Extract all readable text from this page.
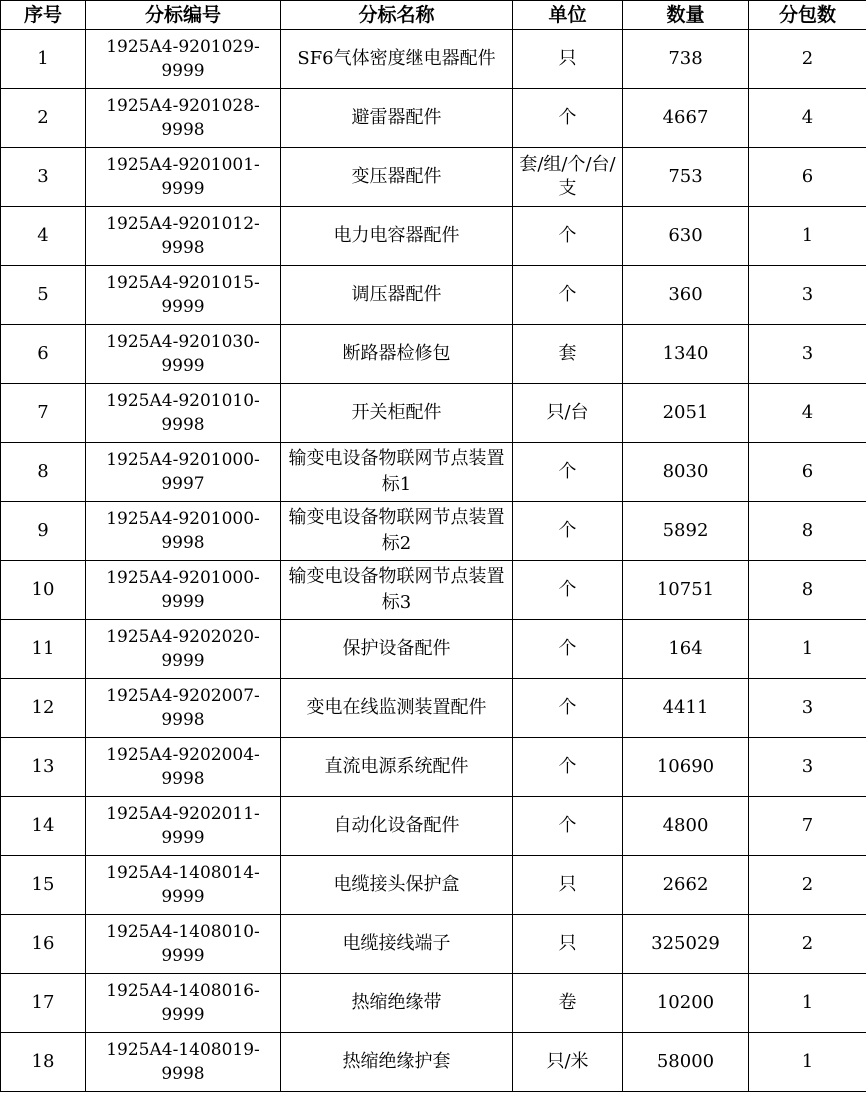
序号	分标编号	分标名称	单位	数量	分包数
1	1925A4-9201029-9999	SF6气体密度继电器配件	只	738	2
2	1925A4-9201028-9998	避雷器配件	个	4667	4
3	1925A4-9201001-9999	变压器配件	套/组/个/台/支	753	6
4	1925A4-9201012-9998	电力电容器配件	个	630	1
5	1925A4-9201015-9999	调压器配件	个	360	3
6	1925A4-9201030-9999	断路器检修包	套	1340	3
7	1925A4-9201010-9998	开关柜配件	只/台	2051	4
8	1925A4-9201000-9997	输变电设备物联网节点装置标1	个	8030	6
9	1925A4-9201000-9998	输变电设备物联网节点装置标2	个	5892	8
10	1925A4-9201000-9999	输变电设备物联网节点装置标3	个	10751	8
11	1925A4-9202020-9999	保护设备配件	个	164	1
12	1925A4-9202007-9998	变电在线监测装置配件	个	4411	3
13	1925A4-9202004-9998	直流电源系统配件	个	10690	3
14	1925A4-9202011-9999	自动化设备配件	个	4800	7
15	1925A4-1408014-9999	电缆接头保护盒	只	2662	2
16	1925A4-1408010-9999	电缆接线端子	只	325029	2
17	1925A4-1408016-9999	热缩绝缘带	卷	10200	1
18	1925A4-1408019-9998	热缩绝缘护套	只/米	58000	1
